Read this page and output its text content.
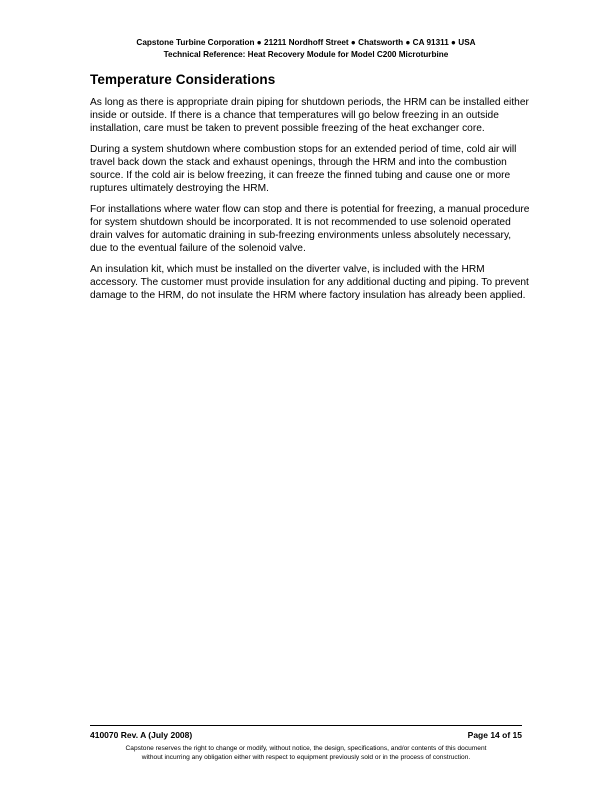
Capstone Turbine Corporation ● 21211 Nordhoff Street ● Chatsworth ● CA 91311 ● USA
Technical Reference: Heat Recovery Module for Model C200 Microturbine
Temperature Considerations

As long as there is appropriate drain piping for shutdown periods, the HRM can be installed either inside or outside. If there is a chance that temperatures will go below freezing in an outside installation, care must be taken to prevent possible freezing of the heat exchanger core.

During a system shutdown where combustion stops for an extended period of time, cold air will travel back down the stack and exhaust openings, through the HRM and into the combustion source. If the cold air is below freezing, it can freeze the finned tubing and cause one or more ruptures ultimately destroying the HRM.

For installations where water flow can stop and there is potential for freezing, a manual procedure for system shutdown should be incorporated. It is not recommended to use solenoid operated drain valves for automatic draining in sub-freezing environments unless absolutely necessary, due to the eventual failure of the solenoid valve.

An insulation kit, which must be installed on the diverter valve, is included with the HRM accessory. The customer must provide insulation for any additional ducting and piping. To prevent damage to the HRM, do not insulate the HRM where factory insulation has already been applied.

410070 Rev. A (July 2008)	Page 14 of 15
Capstone reserves the right to change or modify, without notice, the design, specifications, and/or contents of this document
without incurring any obligation either with respect to equipment previously sold or in the process of construction.
